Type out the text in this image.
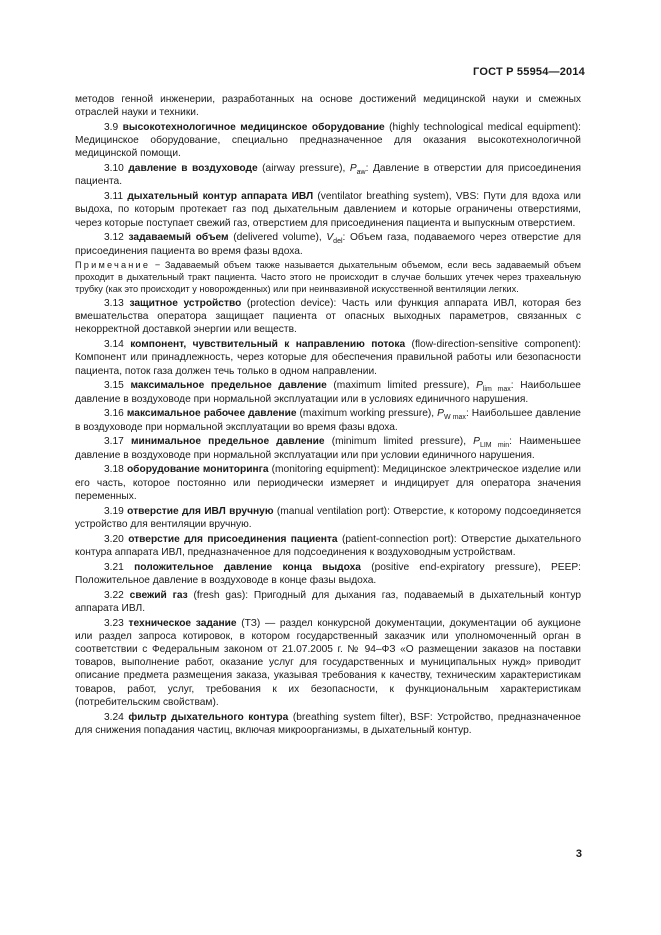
ГОСТ Р 55954—2014

методов генной инженерии, разработанных на основе достижений медицинской науки и смежных отраслей науки и техники.

3.9 высокотехнологичное медицинское оборудование (highly technological medical equipment): Медицинское оборудование, специально предназначенное для оказания высокотехнологичной медицинской помощи.

3.10 давление в воздуховоде (airway pressure), $P_{aw}$: Давление в отверстии для присоединения пациента.

3.11 дыхательный контур аппарата ИВЛ (ventilator breathing system), VBS: Пути для вдоха или выдоха, по которым протекает газ под дыхательным давлением и которые ограничены отверстиями, через которые поступает свежий газ, отверстием для присоединения пациента и выпускным отверстием.

3.12 задаваемый объем (delivered volume), $V_{del}$: Объем газа, подаваемого через отверстие для присоединения пациента во время фазы вдоха.

Примечание − Задаваемый объем также называется дыхательным объемом, если весь задаваемый объем проходит в дыхательный тракт пациента. Часто этого не происходит в случае больших утечек через трахеальную трубку (как это происходит у новорожденных) или при неинвазивной искусственной вентиляции легких.

3.13 защитное устройство (protection device): Часть или функция аппарата ИВЛ, которая без вмешательства оператора защищает пациента от опасных выходных параметров, связанных с некорректной доставкой энергии или веществ.

3.14 компонент, чувствительный к направлению потока (flow-direction-sensitive component): Компонент или принадлежность, через которые для обеспечения правильной работы или безопасности пациента, поток газа должен течь только в одном направлении.

3.15 максимальное предельное давление (maximum limited pressure), $P_{lim max}$: Наибольшее давление в воздуховоде при нормальной эксплуатации или в условиях единичного нарушения.

3.16 максимальное рабочее давление (maximum working pressure), $P_{W max}$: Наибольшее давление в воздуховоде при нормальной эксплуатации во время фазы вдоха.

3.17 минимальное предельное давление (minimum limited pressure), $P_{LIM min}$: Наименьшее давление в воздуховоде при нормальной эксплуатации или при условии единичного нарушения.

3.18 оборудование мониторинга (monitoring equipment): Медицинское электрическое изделие или его часть, которое постоянно или периодически измеряет и индицирует для оператора значения переменных.

3.19 отверстие для ИВЛ вручную (manual ventilation port): Отверстие, к которому подсоединяется устройство для вентиляции вручную.

3.20 отверстие для присоединения пациента (patient-connection port): Отверстие дыхательного контура аппарата ИВЛ, предназначенное для подсоединения к воздуховодным устройствам.

3.21 положительное давление конца выдоха (positive end-expiratory pressure), PEEP: Положительное давление в воздуховоде в конце фазы выдоха.

3.22 свежий газ (fresh gas): Пригодный для дыхания газ, подаваемый в дыхательный контур аппарата ИВЛ.

3.23 техническое задание (ТЗ) — раздел конкурсной документации, документации об аукционе или раздел запроса котировок, в котором государственный заказчик или уполномоченный орган в соответствии с Федеральным законом от 21.07.2005 г. № 94–ФЗ «О размещении заказов на поставки товаров, выполнение работ, оказание услуг для государственных и муниципальных нужд» приводит описание предмета размещения заказа, указывая требования к качеству, техническим характеристикам товаров, работ, услуг, требования к их безопасности, к функциональным характеристикам (потребительским свойствам).

3.24 фильтр дыхательного контура (breathing system filter), BSF: Устройство, предназначенное для снижения попадания частиц, включая микроорганизмы, в дыхательный контур.

3
